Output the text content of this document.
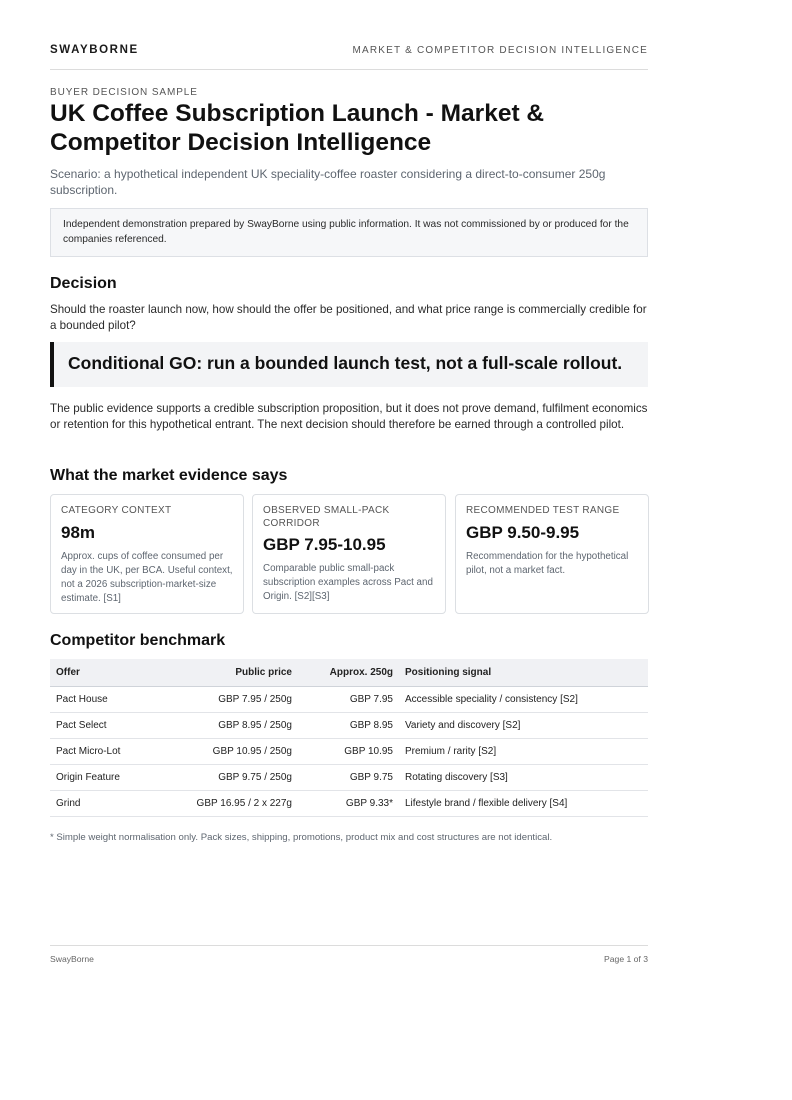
SWAYBORNE	MARKET & COMPETITOR DECISION INTELLIGENCE
BUYER DECISION SAMPLE
UK Coffee Subscription Launch - Market & Competitor Decision Intelligence
Scenario: a hypothetical independent UK speciality-coffee roaster considering a direct-to-consumer 250g subscription.
Independent demonstration prepared by SwayBorne using public information. It was not commissioned by or produced for the companies referenced.
Decision
Should the roaster launch now, how should the offer be positioned, and what price range is commercially credible for a bounded pilot?
Conditional GO: run a bounded launch test, not a full-scale rollout.
The public evidence supports a credible subscription proposition, but it does not prove demand, fulfilment economics or retention for this hypothetical entrant. The next decision should therefore be earned through a controlled pilot.
What the market evidence says
CATEGORY CONTEXT
98m
Approx. cups of coffee consumed per day in the UK, per BCA. Useful context, not a 2026 subscription-market-size estimate. [S1]
OBSERVED SMALL-PACK CORRIDOR
GBP 7.95-10.95
Comparable public small-pack subscription examples across Pact and Origin. [S2][S3]
RECOMMENDED TEST RANGE
GBP 9.50-9.95
Recommendation for the hypothetical pilot, not a market fact.
Competitor benchmark
Offer	Public price	Approx. 250g	Positioning signal
Pact House	GBP 7.95 / 250g	GBP 7.95	Accessible speciality / consistency [S2]
Pact Select	GBP 8.95 / 250g	GBP 8.95	Variety and discovery [S2]
Pact Micro-Lot	GBP 10.95 / 250g	GBP 10.95	Premium / rarity [S2]
Origin Feature	GBP 9.75 / 250g	GBP 9.75	Rotating discovery [S3]
Grind	GBP 16.95 / 2 x 227g	GBP 9.33*	Lifestyle brand / flexible delivery [S4]
* Simple weight normalisation only. Pack sizes, shipping, promotions, product mix and cost structures are not identical.
SwayBorne	Page 1 of 3
